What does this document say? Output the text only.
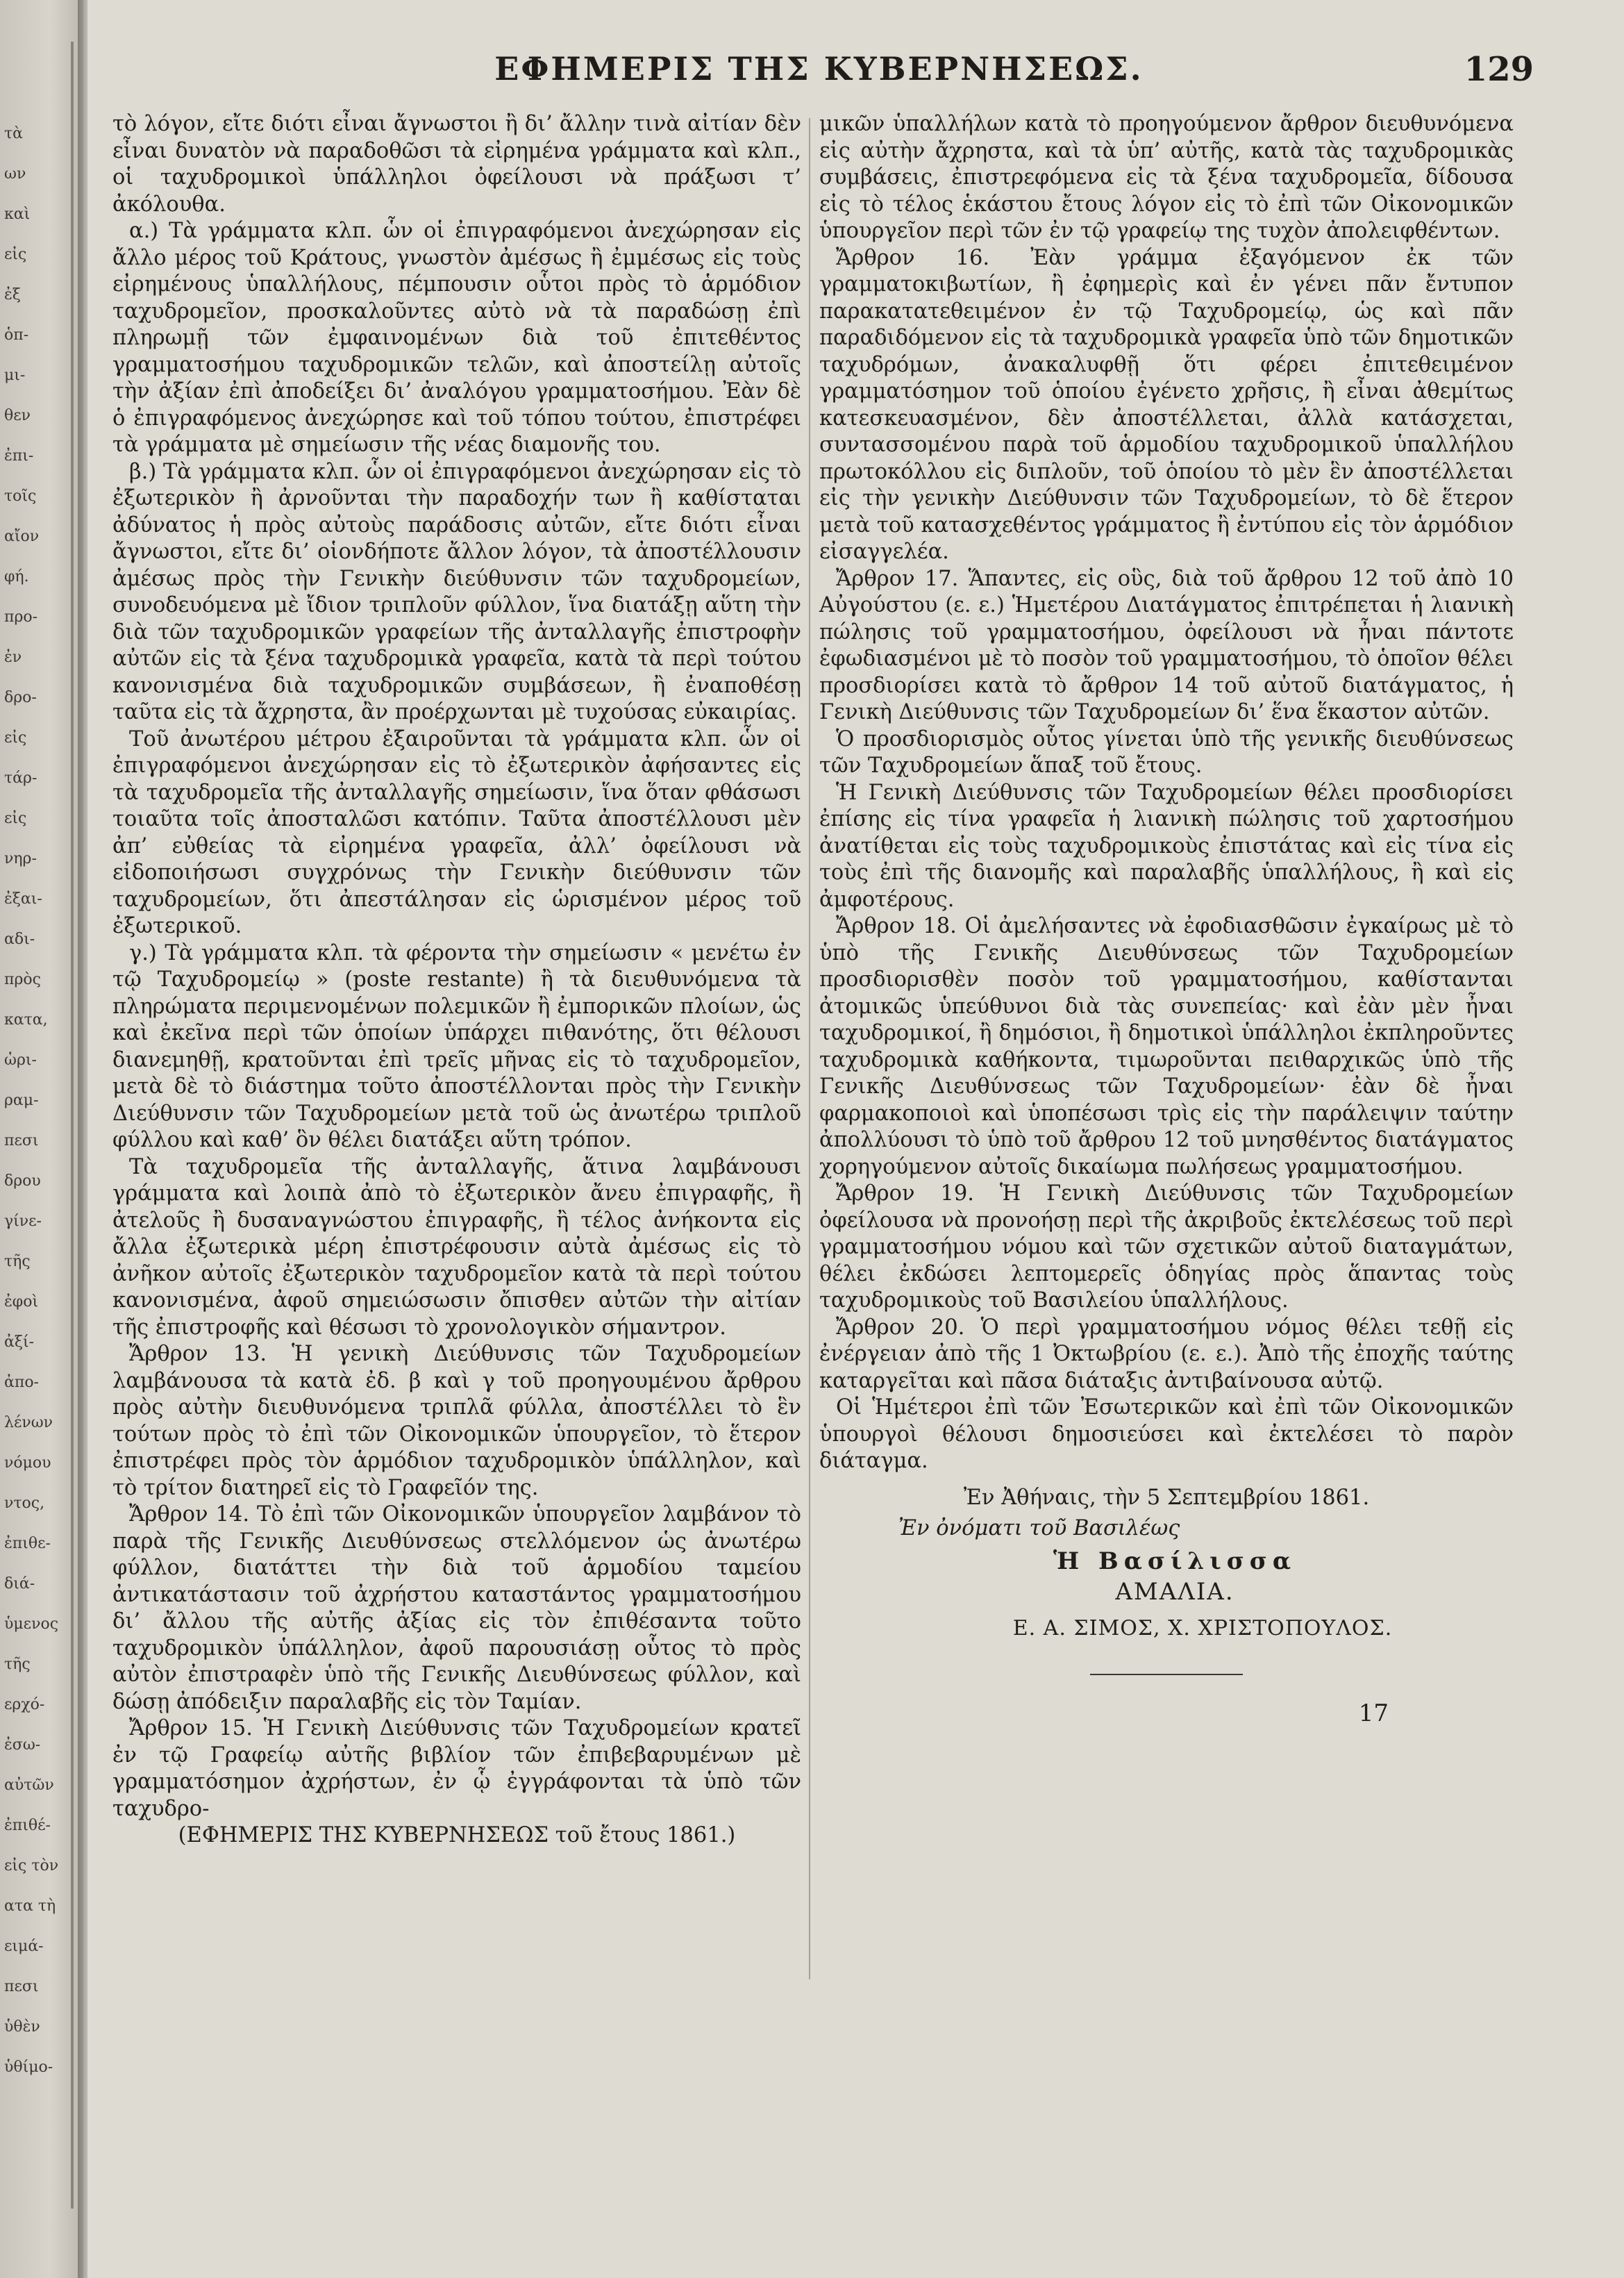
τὰ
ων
καὶ
εἰς
ἐξ
ὁπ-
μι-
θεν
ἐπι-
τοῖς
αἴον
φή.
προ-
ἐν
δρο-
εἰς
τάρ-
εἰς
νηρ-
ἐξαι-
αδι-
πρὸς
κατα,
ὡρι-
ραμ-
πεσι
δρου
γίνε-
τῆς
ἐφοὶ
ἀξί-
ἀπο-
λένων
νόμου
ντος,
ἐπιθε-
διά-
ὑμενος
τῆς
ερχό-
ἐσω-
αὐτῶν
ἐπιθέ-
εἰς τὸν
ατα τὴ
ειμά-
πεσι
ὑθὲν
ὑθίμο-
ΕΦΗΜΕΡΙΣ ΤΗΣ ΚΥΒΕΡΝΗΣΕΩΣ.	129

τὸ λόγον, εἴτε διότι εἶναι ἄγνωστοι ἢ δι’ ἄλλην τινὰ αἰτίαν δὲν εἶναι δυνατὸν νὰ παραδοθῶσι τὰ εἰρημένα γράμματα καὶ κλπ., οἱ ταχυδρομικοὶ ὑπάλληλοι ὀφείλουσι νὰ πράξωσι τ’ ἀκόλουθα.

α.) Τὰ γράμματα κλπ. ὧν οἱ ἐπιγραφόμενοι ἀνεχώρησαν εἰς ἄλλο μέρος τοῦ Κράτους, γνωστὸν ἀμέσως ἢ ἐμμέσως εἰς τοὺς εἰρημένους ὑπαλλήλους, πέμπουσιν οὗτοι πρὸς τὸ ἁρμόδιον ταχυδρομεῖον, προσκαλοῦντες αὐτὸ νὰ τὰ παραδώσῃ ἐπὶ πληρωμῇ τῶν ἐμφαινομένων διὰ τοῦ ἐπιτεθέντος γραμματοσήμου ταχυδρομικῶν τελῶν, καὶ ἀποστείλῃ αὐτοῖς τὴν ἀξίαν ἐπὶ ἀποδείξει δι’ ἀναλόγου γραμματοσήμου. Ἐὰν δὲ ὁ ἐπιγραφόμενος ἀνεχώρησε καὶ τοῦ τόπου τούτου, ἐπιστρέφει τὰ γράμματα μὲ σημείωσιν τῆς νέας διαμονῆς του.

β.) Τὰ γράμματα κλπ. ὧν οἱ ἐπιγραφόμενοι ἀνεχώρησαν εἰς τὸ ἐξωτερικὸν ἢ ἀρνοῦνται τὴν παραδοχήν των ἢ καθίσταται ἀδύνατος ἡ πρὸς αὐτοὺς παράδοσις αὐτῶν, εἴτε διότι εἶναι ἄγνωστοι, εἴτε δι’ οἱονδήποτε ἄλλον λόγον, τὰ ἀποστέλλουσιν ἀμέσως πρὸς τὴν Γενικὴν διεύθυνσιν τῶν ταχυδρομείων, συνοδευόμενα μὲ ἴδιον τριπλοῦν φύλλον, ἵνα διατάξῃ αὕτη τὴν διὰ τῶν ταχυδρομικῶν γραφείων τῆς ἀνταλλαγῆς ἐπιστροφὴν αὐτῶν εἰς τὰ ξένα ταχυδρομικὰ γραφεῖα, κατὰ τὰ περὶ τούτου κανονισμένα διὰ ταχυδρομικῶν συμβάσεων, ἢ ἐναποθέσῃ ταῦτα εἰς τὰ ἄχρηστα, ἂν προέρχωνται μὲ τυχούσας εὐκαιρίας.

Τοῦ ἀνωτέρου μέτρου ἐξαιροῦνται τὰ γράμματα κλπ. ὧν οἱ ἐπιγραφόμενοι ἀνεχώρησαν εἰς τὸ ἐξωτερικὸν ἀφήσαντες εἰς τὰ ταχυδρομεῖα τῆς ἀνταλλαγῆς σημείωσιν, ἵνα ὅταν φθάσωσι τοιαῦτα τοῖς ἀποσταλῶσι κατόπιν. Ταῦτα ἀποστέλλουσι μὲν ἀπ’ εὐθείας τὰ εἰρημένα γραφεῖα, ἀλλ’ ὀφείλουσι νὰ εἰδοποιήσωσι συγχρόνως τὴν Γενικὴν διεύθυνσιν τῶν ταχυδρομείων, ὅτι ἀπεστάλησαν εἰς ὡρισμένον μέρος τοῦ ἐξωτερικοῦ.

γ.) Τὰ γράμματα κλπ. τὰ φέροντα τὴν σημείωσιν « μενέτω ἐν τῷ Ταχυδρομείῳ » (poste restante) ἢ τὰ διευθυνόμενα τὰ πληρώματα περιμενομένων πολεμικῶν ἢ ἐμπορικῶν πλοίων, ὡς καὶ ἐκεῖνα περὶ τῶν ὁποίων ὑπάρχει πιθανότης, ὅτι θέλουσι διανεμηθῇ, κρατοῦνται ἐπὶ τρεῖς μῆνας εἰς τὸ ταχυδρομεῖον, μετὰ δὲ τὸ διάστημα τοῦτο ἀποστέλλονται πρὸς τὴν Γενικὴν Διεύθυνσιν τῶν Ταχυδρομείων μετὰ τοῦ ὡς ἀνωτέρω τριπλοῦ φύλλου καὶ καθ’ ὃν θέλει διατάξει αὕτη τρόπον.

Τὰ ταχυδρομεῖα τῆς ἀνταλλαγῆς, ἅτινα λαμβάνουσι γράμματα καὶ λοιπὰ ἀπὸ τὸ ἐξωτερικὸν ἄνευ ἐπιγραφῆς, ἢ ἀτελοῦς ἢ δυσαναγνώστου ἐπιγραφῆς, ἢ τέλος ἀνήκοντα εἰς ἄλλα ἐξωτερικὰ μέρη ἐπιστρέφουσιν αὐτὰ ἀμέσως εἰς τὸ ἀνῆκον αὐτοῖς ἐξωτερικὸν ταχυδρομεῖον κατὰ τὰ περὶ τούτου κανονισμένα, ἀφοῦ σημειώσωσιν ὄπισθεν αὐτῶν τὴν αἰτίαν τῆς ἐπιστροφῆς καὶ θέσωσι τὸ χρονολογικὸν σήμαντρον.

Ἄρθρον 13. Ἡ γενικὴ Διεύθυνσις τῶν Ταχυδρομείων λαμβάνουσα τὰ κατὰ ἐδ. β καὶ γ τοῦ προηγουμένου ἄρθρου πρὸς αὐτὴν διευθυνόμενα τριπλᾶ φύλλα, ἀποστέλλει τὸ ἓν τούτων πρὸς τὸ ἐπὶ τῶν Οἰκονομικῶν ὑπουργεῖον, τὸ ἕτερον ἐπιστρέφει πρὸς τὸν ἁρμόδιον ταχυδρομικὸν ὑπάλληλον, καὶ τὸ τρίτον διατηρεῖ εἰς τὸ Γραφεῖόν της.

Ἄρθρον 14. Τὸ ἐπὶ τῶν Οἰκονομικῶν ὑπουργεῖον λαμβάνον τὸ παρὰ τῆς Γενικῆς Διευθύνσεως στελλόμενον ὡς ἀνωτέρω φύλλον, διατάττει τὴν διὰ τοῦ ἁρμοδίου ταμείου ἀντικατάστασιν τοῦ ἀχρήστου καταστάντος γραμματοσήμου δι’ ἄλλου τῆς αὐτῆς ἀξίας εἰς τὸν ἐπιθέσαντα τοῦτο ταχυδρομικὸν ὑπάλληλον, ἀφοῦ παρουσιάσῃ οὗτος τὸ πρὸς αὐτὸν ἐπιστραφὲν ὑπὸ τῆς Γενικῆς Διευθύνσεως φύλλον, καὶ δώσῃ ἀπόδειξιν παραλαβῆς εἰς τὸν Ταμίαν.

Ἄρθρον 15. Ἡ Γενικὴ Διεύθυνσις τῶν Ταχυδρομείων κρατεῖ ἐν τῷ Γραφείῳ αὐτῆς βιβλίον τῶν ἐπιβεβαρυμένων μὲ γραμματόσημον ἀχρήστων, ἐν ᾧ ἐγγράφονται τὰ ὑπὸ τῶν ταχυδρο-

(ΕΦΗΜΕΡΙΣ ΤΗΣ ΚΥΒΕΡΝΗΣΕΩΣ τοῦ ἔτους 1861.)

μικῶν ὑπαλλήλων κατὰ τὸ προηγούμενον ἄρθρον διευθυνόμενα εἰς αὐτὴν ἄχρηστα, καὶ τὰ ὑπ’ αὐτῆς, κατὰ τὰς ταχυδρομικὰς συμβάσεις, ἐπιστρεφόμενα εἰς τὰ ξένα ταχυδρομεῖα, δίδουσα εἰς τὸ τέλος ἑκάστου ἔτους λόγον εἰς τὸ ἐπὶ τῶν Οἰκονομικῶν ὑπουργεῖον περὶ τῶν ἐν τῷ γραφείῳ της τυχὸν ἀπολειφθέντων.

Ἄρθρον 16. Ἐὰν γράμμα ἐξαγόμενον ἐκ τῶν γραμματοκιβωτίων, ἢ ἐφημερὶς καὶ ἐν γένει πᾶν ἔντυπον παρακατατεθειμένον ἐν τῷ Ταχυδρομείῳ, ὡς καὶ πᾶν παραδιδόμενον εἰς τὰ ταχυδρομικὰ γραφεῖα ὑπὸ τῶν δημοτικῶν ταχυδρόμων, ἀνακαλυφθῇ ὅτι φέρει ἐπιτεθειμένον γραμματόσημον τοῦ ὁποίου ἐγένετο χρῆσις, ἢ εἶναι ἀθεμίτως κατεσκευασμένον, δὲν ἀποστέλλεται, ἀλλὰ κατάσχεται, συντασσομένου παρὰ τοῦ ἁρμοδίου ταχυδρομικοῦ ὑπαλλήλου πρωτοκόλλου εἰς διπλοῦν, τοῦ ὁποίου τὸ μὲν ἓν ἀποστέλλεται εἰς τὴν γενικὴν Διεύθυνσιν τῶν Ταχυδρομείων, τὸ δὲ ἕτερον μετὰ τοῦ κατασχεθέντος γράμματος ἢ ἐντύπου εἰς τὸν ἁρμόδιον εἰσαγγελέα.

Ἄρθρον 17. Ἅπαντες, εἰς οὓς, διὰ τοῦ ἄρθρου 12 τοῦ ἀπὸ 10 Αὐγούστου (ε. ε.) Ἡμετέρου Διατάγματος ἐπιτρέπεται ἡ λιανικὴ πώλησις τοῦ γραμματοσήμου, ὀφείλουσι νὰ ἦναι πάντοτε ἐφωδιασμένοι μὲ τὸ ποσὸν τοῦ γραμματοσήμου, τὸ ὁποῖον θέλει προσδιορίσει κατὰ τὸ ἄρθρον 14 τοῦ αὐτοῦ διατάγματος, ἡ Γενικὴ Διεύθυνσις τῶν Ταχυδρομείων δι’ ἕνα ἕκαστον αὐτῶν.

Ὁ προσδιορισμὸς οὗτος γίνεται ὑπὸ τῆς γενικῆς διευθύνσεως τῶν Ταχυδρομείων ἅπαξ τοῦ ἔτους.

Ἡ Γενικὴ Διεύθυνσις τῶν Ταχυδρομείων θέλει προσδιορίσει ἐπίσης εἰς τίνα γραφεῖα ἡ λιανικὴ πώλησις τοῦ χαρτοσήμου ἀνατίθεται εἰς τοὺς ταχυδρομικοὺς ἐπιστάτας καὶ εἰς τίνα εἰς τοὺς ἐπὶ τῆς διανομῆς καὶ παραλαβῆς ὑπαλλήλους, ἢ καὶ εἰς ἀμφοτέρους.

Ἄρθρον 18. Οἱ ἀμελήσαντες νὰ ἐφοδιασθῶσιν ἐγκαίρως μὲ τὸ ὑπὸ τῆς Γενικῆς Διευθύνσεως τῶν Ταχυδρομείων προσδιορισθὲν ποσὸν τοῦ γραμματοσήμου, καθίστανται ἀτομικῶς ὑπεύθυνοι διὰ τὰς συνεπείας· καὶ ἐὰν μὲν ἦναι ταχυδρομικοί, ἢ δημόσιοι, ἢ δημοτικοὶ ὑπάλληλοι ἐκπληροῦντες ταχυδρομικὰ καθήκοντα, τιμωροῦνται πειθαρχικῶς ὑπὸ τῆς Γενικῆς Διευθύνσεως τῶν Ταχυδρομείων· ἐὰν δὲ ἦναι φαρμακοποιοὶ καὶ ὑποπέσωσι τρὶς εἰς τὴν παράλειψιν ταύτην ἀπολλύουσι τὸ ὑπὸ τοῦ ἄρθρου 12 τοῦ μνησθέντος διατάγματος χορηγούμενον αὐτοῖς δικαίωμα πωλήσεως γραμματοσήμου.

Ἄρθρον 19. Ἡ Γενικὴ Διεύθυνσις τῶν Ταχυδρομείων ὀφείλουσα νὰ προνοήσῃ περὶ τῆς ἀκριβοῦς ἐκτελέσεως τοῦ περὶ γραμματοσήμου νόμου καὶ τῶν σχετικῶν αὐτοῦ διαταγμάτων, θέλει ἐκδώσει λεπτομερεῖς ὁδηγίας πρὸς ἅπαντας τοὺς ταχυδρομικοὺς τοῦ Βασιλείου ὑπαλλήλους.

Ἄρθρον 20. Ὁ περὶ γραμματοσήμου νόμος θέλει τεθῇ εἰς ἐνέργειαν ἀπὸ τῆς 1 Ὀκτωβρίου (ε. ε.). Ἀπὸ τῆς ἐποχῆς ταύτης καταργεῖται καὶ πᾶσα διάταξις ἀντιβαίνουσα αὐτῷ.

Οἱ Ἡμέτεροι ἐπὶ τῶν Ἐσωτερικῶν καὶ ἐπὶ τῶν Οἰκονομικῶν ὑπουργοὶ θέλουσι δημοσιεύσει καὶ ἐκτελέσει τὸ παρὸν διάταγμα.

Ἐν Ἀθήναις, τὴν 5 Σεπτεμβρίου 1861.

Ἐν ὀνόματι τοῦ Βασιλέως

Ἡ Βασίλισσα

ΑΜΑΛΙΑ.

Ε. Α. ΣΙΜΟΣ, Χ. ΧΡΙΣΤΟΠΟΥΛΟΣ.

17
